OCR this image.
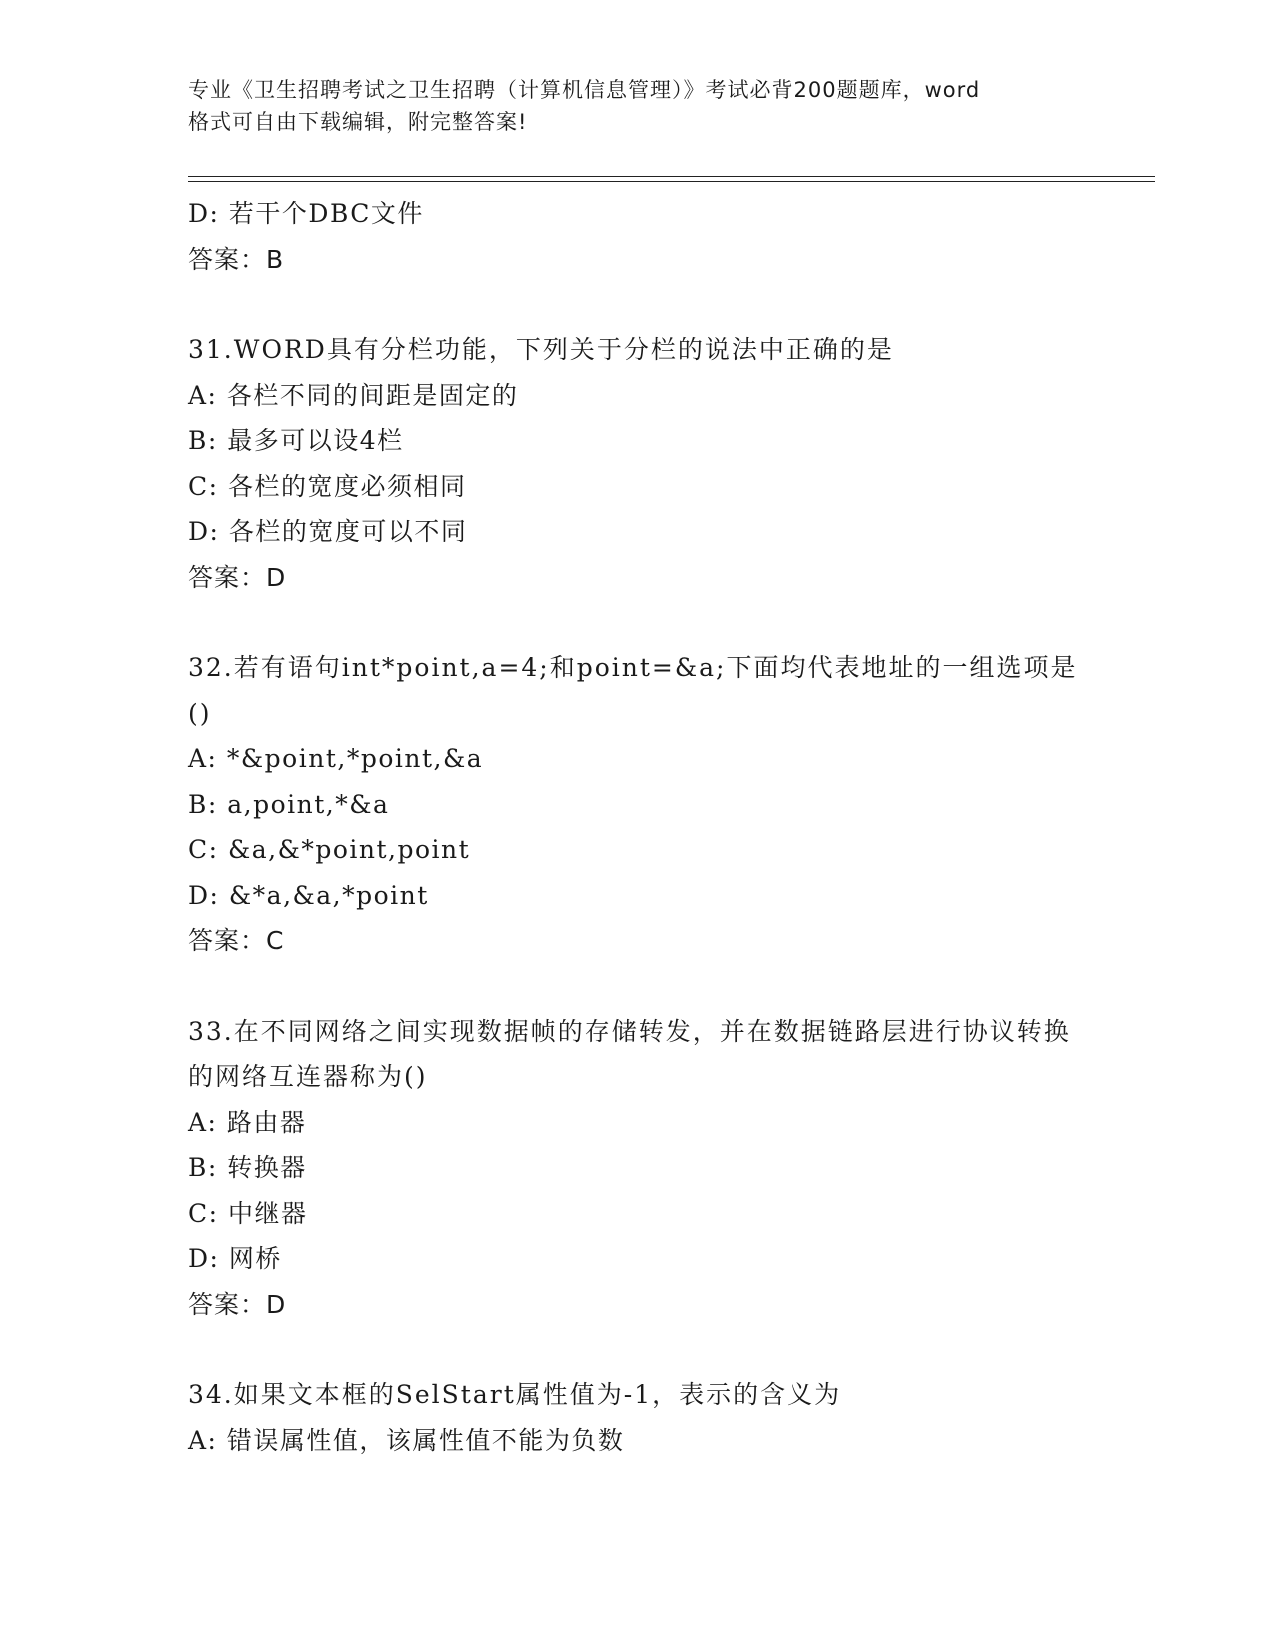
专业《卫生招聘考试之卫生招聘（计算机信息管理）》考试必背200题题库，word
格式可自由下载编辑，附完整答案!
D: 若干个DBC文件
答案：B
31.WORD具有分栏功能，下列关于分栏的说法中正确的是
A: 各栏不同的间距是固定的
B: 最多可以设4栏
C: 各栏的宽度必须相同
D: 各栏的宽度可以不同
答案：D
32.若有语句int*point,a=4;和point=&a;下面均代表地址的一组选项是()
A: *&point,*point,&a
B: a,point,*&a
C: &a,&*point,point
D: &*a,&a,*point
答案：C
33.在不同网络之间实现数据帧的存储转发，并在数据链路层进行协议转换的网络互连器称为()
A: 路由器
B: 转换器
C: 中继器
D: 网桥
答案：D
34.如果文本框的SelStart属性值为-1，表示的含义为
A: 错误属性值，该属性值不能为负数
